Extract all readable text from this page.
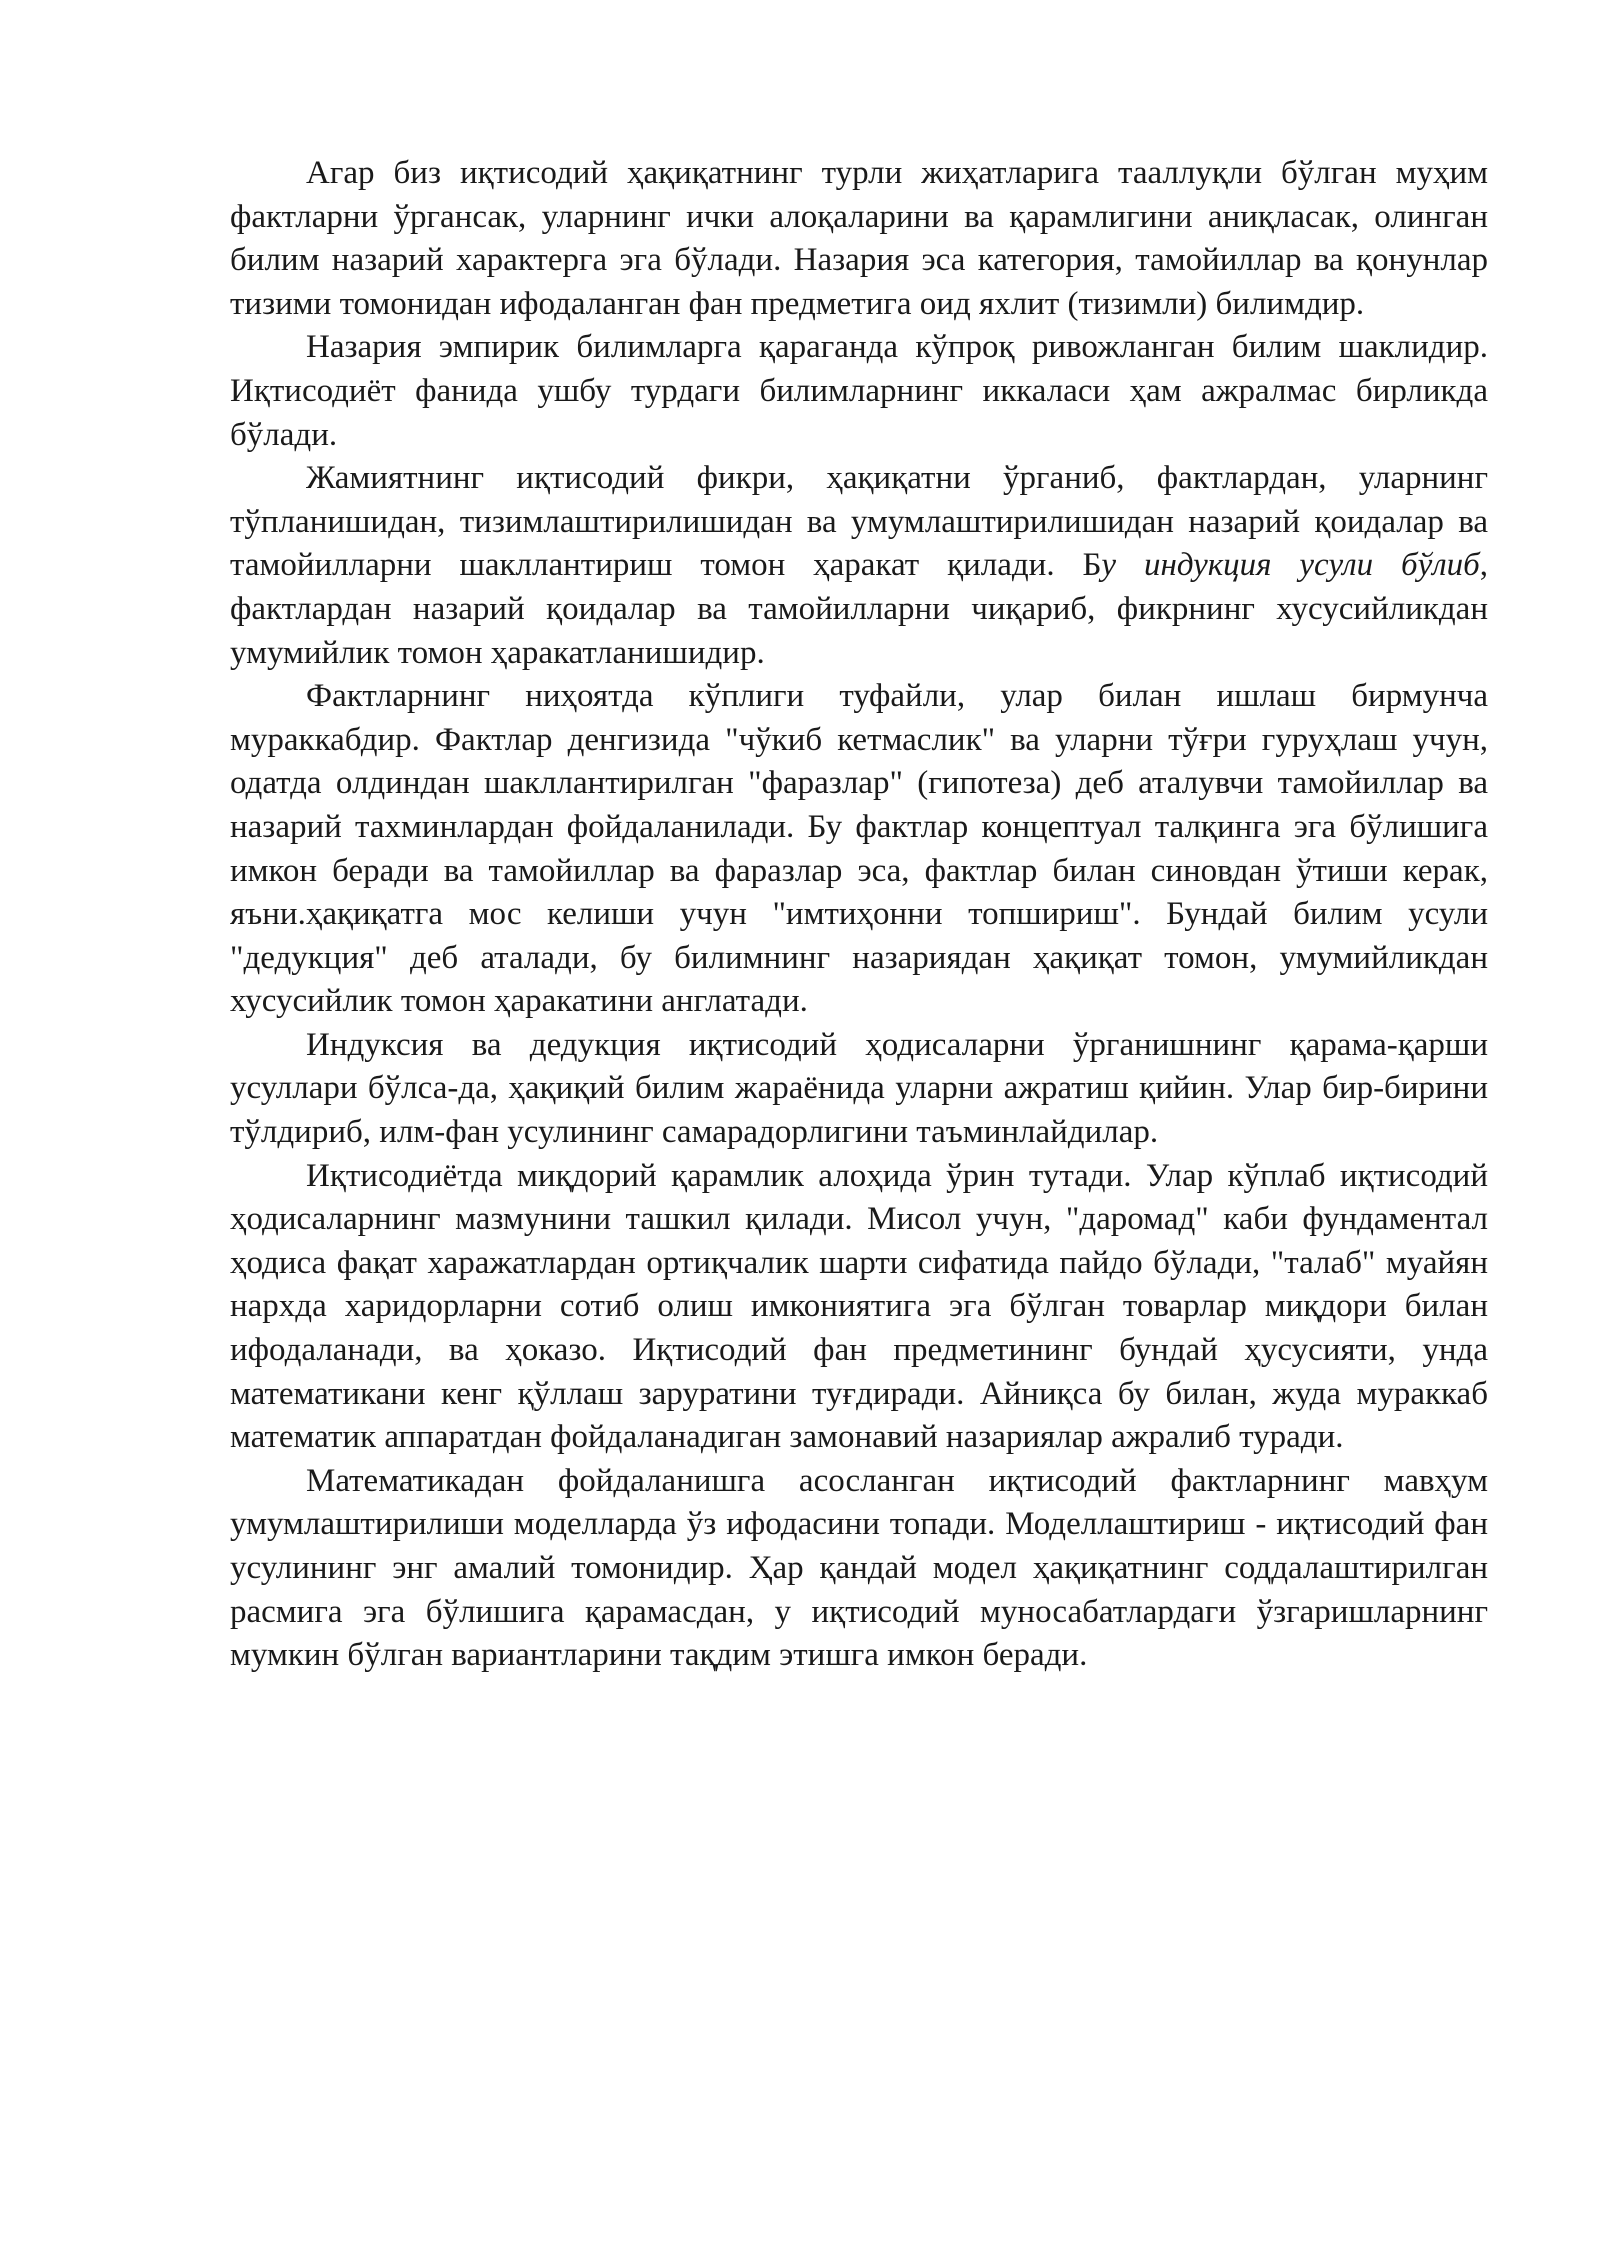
Агар биз иқтисодий ҳақиқатнинг турли жиҳатларига тааллуқли бўлган муҳим фактларни ўргансак, уларнинг ички алоқаларини ва қарамлигини аниқласак, олинган билим назарий характерга эга бўлади. Назария эса категория, тамойиллар ва қонунлар тизими томонидан ифодаланган фан предметига оид яхлит (тизимли) билимдир.

Назария эмпирик билимларга қараганда кўпроқ ривожланган билим шаклидир. Иқтисодиёт фанида ушбу турдаги билимларнинг иккаласи ҳам ажралмас бирликда бўлади.

Жамиятнинг иқтисодий фикри, ҳақиқатни ўрганиб, фактлардан, уларнинг тўпланишидан, тизимлаштирилишидан ва умумлаштирилишидан назарий қоидалар ва тамойилларни шакллантириш томон ҳаракат қилади. Бу индукция усули бўлиб, фактлардан назарий қоидалар ва тамойилларни чиқариб, фикрнинг хусусийликдан умумийлик томон ҳаракатланишидир.

Фактларнинг ниҳоятда кўплиги туфайли, улар билан ишлаш бирмунча мураккабдир. Фактлар денгизида "чўкиб кетмаслик" ва уларни тўғри гуруҳлаш учун, одатда олдиндан шакллантирилган "фаразлар" (гипотеза) деб аталувчи тамойиллар ва назарий тахминлардан фойдаланилади. Бу фактлар концептуал талқинга эга бўлишига имкон беради ва тамойиллар ва фаразлар эса, фактлар билан синовдан ўтиши керак, яъни.ҳақиқатга мос келиши учун "имтиҳонни топшириш". Бундай билим усули "дедукция" деб аталади, бу билимнинг назариядан ҳақиқат томон, умумийликдан хусусийлик томон ҳаракатини англатади.

Индуксия ва дедукция иқтисодий ҳодисаларни ўрганишнинг қарама-қарши усуллари бўлса-да, ҳақиқий билим жараёнида уларни ажратиш қийин. Улар бир-бирини тўлдириб, илм-фан усулининг самарадорлигини таъминлайдилар.

Иқтисодиётда миқдорий қарамлик алоҳида ўрин тутади. Улар кўплаб иқтисодий ҳодисаларнинг мазмунини ташкил қилади. Мисол учун, "даромад" каби фундаментал ҳодиса фақат харажатлардан ортиқчалик шарти сифатида пайдо бўлади, "талаб" муайян нархда харидорларни сотиб олиш имкониятига эга бўлган товарлар миқдори билан ифодаланади, ва ҳоказо. Иқтисодий фан предметининг бундай ҳусусияти, унда математикани кенг қўллаш заруратини туғдиради. Айниқса бу билан, жуда мураккаб математик аппаратдан фойдаланадиган замонавий назариялар ажралиб туради.

Математикадан фойдаланишга асосланган иқтисодий фактларнинг мавҳум умумлаштирилиши моделларда ўз ифодасини топади. Моделлаштириш - иқтисодий фан усулининг энг амалий томонидир. Ҳар қандай модел ҳақиқатнинг соддалаштирилган расмига эга бўлишига қарамасдан, у иқтисодий муносабатлардаги ўзгаришларнинг мумкин бўлган вариантларини тақдим этишга имкон беради.
